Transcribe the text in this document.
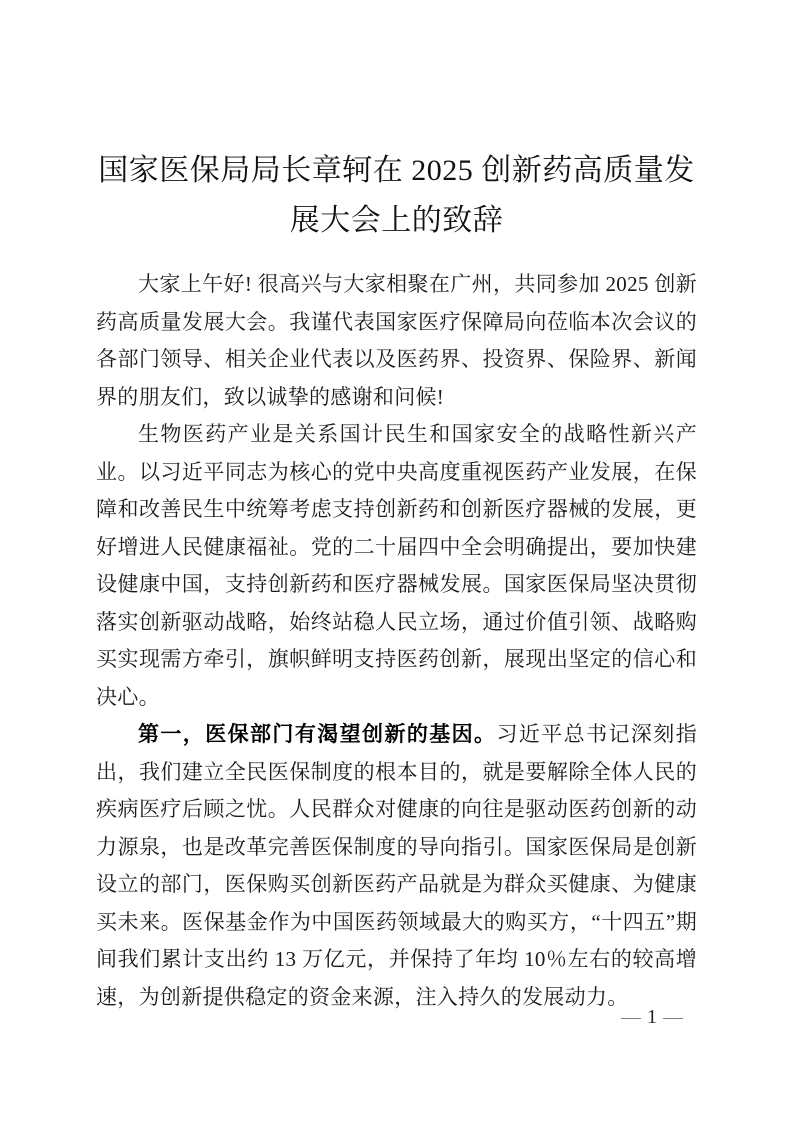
国家医保局局长章轲在 2025 创新药高质量发展大会上的致辞

大家上午好! 很高兴与大家相聚在广州，共同参加 2025 创新药高质量发展大会。我谨代表国家医疗保障局向莅临本次会议的各部门领导、相关企业代表以及医药界、投资界、保险界、新闻界的朋友们，致以诚挚的感谢和问候!

生物医药产业是关系国计民生和国家安全的战略性新兴产业。以习近平同志为核心的党中央高度重视医药产业发展，在保障和改善民生中统筹考虑支持创新药和创新医疗器械的发展，更好增进人民健康福祉。党的二十届四中全会明确提出，要加快建设健康中国，支持创新药和医疗器械发展。国家医保局坚决贯彻落实创新驱动战略，始终站稳人民立场，通过价值引领、战略购买实现需方牵引，旗帜鲜明支持医药创新，展现出坚定的信心和决心。

第一，医保部门有渴望创新的基因。习近平总书记深刻指出，我们建立全民医保制度的根本目的，就是要解除全体人民的疾病医疗后顾之忧。人民群众对健康的向往是驱动医药创新的动力源泉，也是改革完善医保制度的导向指引。国家医保局是创新设立的部门，医保购买创新医药产品就是为群众买健康、为健康买未来。医保基金作为中国医药领域最大的购买方，“十四五”期间我们累计支出约 13 万亿元，并保持了年均 10％左右的较高增速，为创新提供稳定的资金来源，注入持久的发展动力。

— 1 —
